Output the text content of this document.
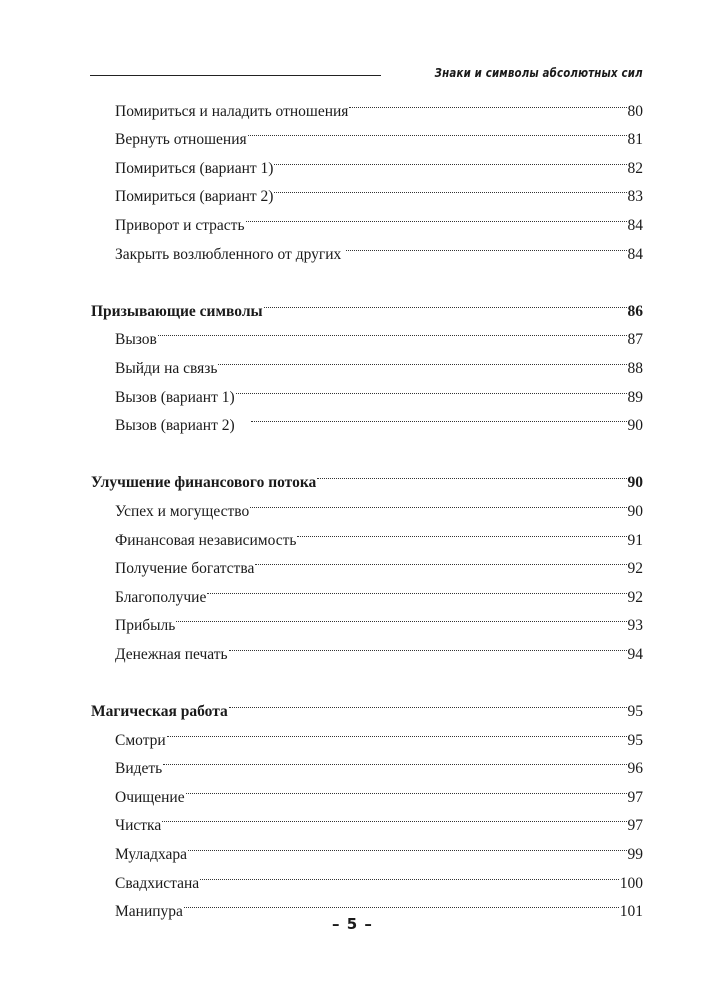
Знаки и символы абсолютных сил
Помириться и наладить отношения	80
Вернуть отношения	81
Помириться (вариант 1)	82
Помириться (вариант 2)	83
Приворот и страсть	84
Закрыть возлюбленного от других	84
Призывающие символы	86
Вызов	87
Выйди на связь	88
Вызов (вариант 1)	89
Вызов (вариант 2)	90
Улучшение финансового потока	90
Успех и могущество	90
Финансовая независимость	91
Получение богатства	92
Благополучие	92
Прибыль	93
Денежная печать	94
Магическая работа	95
Смотри	95
Видеть	96
Очищение	97
Чистка	97
Муладхара	99
Свадхистана	100
Манипура	101
– 5 –
